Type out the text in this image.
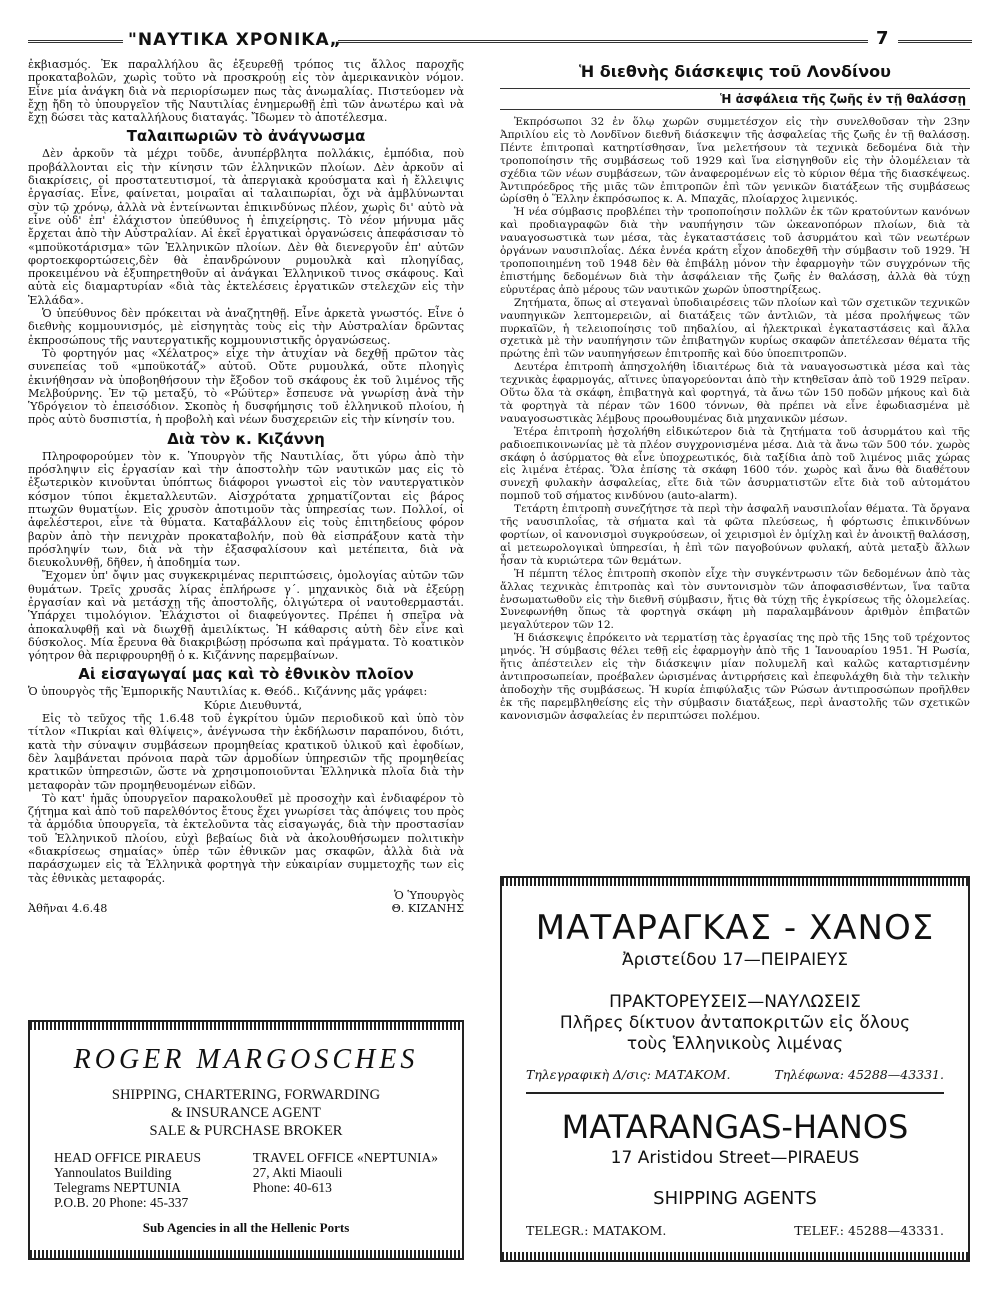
"ΝΑΥΤΙΚΑ ΧΡΟΝΙΚΑ„	7

ἐκβιασμός. Ἐκ παραλλήλου ἃς ἐξευρεθῇ τρόπος τις ἄλλος παροχῆς προκαταβολῶν, χωρὶς τοῦτο νὰ προσκρούῃ εἰς τὸν ἀμερικανικὸν νόμον. Εἶνε μία ἀνάγκη διὰ νὰ περιορίσωμεν πως τὰς ἀνωμαλίας. Πιστεύομεν νὰ ἔχῃ ἤδη τὸ ὑπουργεῖον τῆς Ναυτιλίας ἐνημερωθῇ ἐπὶ τῶν ἀνωτέρω καὶ νὰ ἔχῃ δώσει τὰς καταλλήλους διαταγάς. Ἴδωμεν τὸ ἀποτέλεσμα.

Ταλαιπωριῶν τὸ ἀνάγνωσμα

Δὲν ἀρκοῦν τὰ μέχρι τοῦδε, ἀνυπέρβλητα πολλάκις, ἐμπόδια, ποὺ προβάλλονται εἰς τὴν κίνησιν τῶν ἑλληνικῶν πλοίων. Δὲν ἀρκοῦν αἱ διακρίσεις, οἱ προστατευτισμοί, τὰ ἀπεργιακὰ κρούσματα καὶ ἡ ἔλλειψις ἐργασίας. Εἶνε, φαίνεται, μοιραῖαι αἱ ταλαιπωρίαι, ὄχι νὰ ἀμβλύνωνται σὺν τῷ χρόνῳ, ἀλλὰ νὰ ἐντείνωνται ἐπικινδύνως πλέον, χωρὶς δι' αὐτὸ νὰ εἶνε οὐδ' ἐπ' ἐλάχιστον ὑπεύθυνος ἡ ἐπιχείρησις. Τὸ νέον μήνυμα μᾶς ἔρχεται ἀπὸ τὴν Αὐστραλίαν. Αἱ ἐκεῖ ἐργατικαὶ ὀργανώσεις ἀπεφάσισαν τὸ «μποϋκοτάρισμα» τῶν Ἑλληνικῶν πλοίων. Δὲν θὰ διενεργοῦν ἐπ' αὐτῶν φορτοεκφορτώσεις,δὲν θὰ ἐπανδρώνουν ρυμουλκὰ καὶ πλοηγίδας, προκειμένου νὰ ἐξυπηρετηθοῦν αἱ ἀνάγκαι Ἑλληνικοῦ τινος σκάφους. Καὶ αὐτὰ εἰς διαμαρτυρίαν «διὰ τὰς ἐκτελέσεις ἐργατικῶν στελεχῶν εἰς τὴν Ἑλλάδα».

Ὁ ὑπεύθυνος δὲν πρόκειται νὰ ἀναζητηθῇ. Εἶνε ἀρκετὰ γνωστός. Εἶνε ὁ διεθνὴς κομμουνισμός, μὲ εἰσηγητὰς τοὺς εἰς τὴν Αὐστραλίαν δρῶντας ἐκπροσώπους τῆς ναυτεργατικῆς κομμουνιστικῆς ὀργανώσεως.

Τὸ φορτηγόν μας «Χέλατρος» εἶχε τὴν ἀτυχίαν νὰ δεχθῇ πρῶτον τὰς συνεπείας τοῦ «μποϋκοτάζ» αὐτοῦ. Οὔτε ρυμουλκά, οὔτε πλοηγὶς ἐκινήθησαν νὰ ὑποβοηθήσουν τὴν ἔξοδον τοῦ σκάφους ἐκ τοῦ λιμένος τῆς Μελβούρνης. Ἐν τῷ μεταξύ, τὸ «Ρώϋτερ» ἔσπευσε νὰ γνωρίσῃ ἀνὰ τὴν Ὑδρόγειον τὸ ἐπεισόδιον. Σκοπὸς ἡ δυσφήμησις τοῦ ἑλληνικοῦ πλοίου, ἡ πρὸς αὐτὸ δυσπιστία, ἡ προβολὴ καὶ νέων δυσχερειῶν εἰς τὴν κίνησίν του.

Διὰ τὸν κ. Κιζάννη

Πληροφορούμεν τὸν κ. Ὑπουργὸν τῆς Ναυτιλίας, ὅτι γύρω ἀπὸ τὴν πρόσληψιν εἰς ἐργασίαν καὶ τὴν ἀποστολὴν τῶν ναυτικῶν μας εἰς τὸ ἐξωτερικὸν κινοῦνται ὑπόπτως διάφοροι γνωστοὶ εἰς τὸν ναυτεργατικὸν κόσμον τύποι ἐκμεταλλευτῶν. Αἰσχρότατα χρηματίζονται εἰς βάρος πτωχῶν θυματίων. Εἰς χρυσὸν ἀποτιμοῦν τὰς ὑπηρεσίας των. Πολλοί, οἱ ἀφελέστεροι, εἶνε τὰ θύματα. Καταβάλλουν εἰς τοὺς ἐπιτηδείους φόρον βαρὺν ἀπὸ τὴν πενιχρὰν προκαταβολήν, ποὺ θὰ εἰσπράξουν κατὰ τὴν πρόσληψίν των, διὰ νὰ τὴν ἐξασφαλίσουν καὶ μετέπειτα, διὰ νὰ διευκολυνθῇ, δῆθεν, ἡ ἀποδημία των.

Ἔχομεν ὑπ' ὄψιν μας συγκεκριμένας περιπτώσεις, ὁμολογίας αὐτῶν τῶν θυμάτων. Τρεῖς χρυσᾶς λίρας ἐπλήρωσε γ΄. μηχανικὸς διὰ νὰ ἐξεύρῃ ἐργασίαν καὶ νὰ μετάσχῃ τῆς ἀποστολῆς, ὀλιγώτερα οἱ ναυτοθερμαστάι. Ὑπάρχει τιμολόγιον. Ἐλάχιστοι οἱ διαφεύγοντες. Πρέπει ἡ σπεῖρα νὰ ἀποκαλυφθῇ καὶ νὰ διωχθῇ ἀμειλίκτως. Ἡ κάθαρσις αὐτὴ δὲν εἶνε καὶ δύσκολος. Μία ἔρευνα θὰ διακριβώσῃ πρόσωπα καὶ πράγματα. Τὸ κοατικὸν γόητρον θὰ περιφρουρηθῇ ὁ κ. Κιζάννης παρεμβαίνων.

Αἱ εἰσαγωγαί μας καὶ τὸ ἐθνικὸν πλοῖον

Ὁ ὑπουργὸς τῆς Ἐμπορικῆς Ναυτιλίας κ. Θεόδ.. Κιζάννης μᾶς γράφει:

Κύριε Διευθυντά,

Εἰς τὸ τεῦχος τῆς 1.6.48 τοῦ ἐγκρίτου ὑμῶν περιοδικοῦ καὶ ὑπὸ τὸν τίτλον «Πικρίαι καὶ θλίψεις», ἀνέγνωσα τὴν ἐκδήλωσιν παραπόνου, διότι, κατὰ τὴν σύναψιν συμβάσεων προμηθείας κρατικοῦ ὑλικοῦ καὶ ἐφοδίων, δὲν λαμβάνεται πρόνοια παρὰ τῶν ἁρμοδίων ὑπηρεσιῶν τῆς προμηθείας κρατικῶν ὑπηρεσιῶν, ὥστε νὰ χρησιμοποιοῦνται Ἑλληνικὰ πλοῖα διὰ τὴν μεταφορὰν τῶν προμηθευομένων εἰδῶν.

Τὸ κατ' ἡμᾶς ὑπουργεῖον παρακολουθεῖ μὲ προσοχὴν καὶ ἐνδιαφέρον τὸ ζήτημα καὶ ἀπὸ τοῦ παρελθόντος ἔτους ἔχει γνωρίσει τὰς ἀπόψεις του πρὸς τὰ ἁρμόδια ὑπουργεῖα, τὰ ἐκτελοῦντα τὰς εἰσαγωγάς, διὰ τὴν προστασίαν τοῦ Ἑλληνικοῦ πλοίου, εὐχὶ βεβαίως διὰ νὰ ἀκολουθήσωμεν πολιτικὴν «διακρίσεως σημαίας» ὑπὲρ τῶν ἐθνικῶν μας σκαφῶν, ἀλλὰ διὰ νὰ παράσχωμεν εἰς τὰ Ἑλληνικὰ φορτηγὰ τὴν εὐκαιρίαν συμμετοχῆς των εἰς τὰς ἐθνικὰς μεταφοράς.

Ὁ Ὑπουργὸς
Ἀθῆναι 4.6.48	Θ. ΚΙΖΑΝΗΣ
Ἡ διεθνὴς διάσκεψις τοῦ Λονδίνου
Ἡ ἀσφάλεια τῆς ζωῆς ἐν τῇ θαλάσσῃ

Ἐκπρόσωποι 32 ἐν ὅλῳ χωρῶν συμμετέσχον εἰς τὴν συνελθοῦσαν τὴν 23ην Ἀπριλίου εἰς τὸ Λονδῖνον διεθνῆ διάσκεψιν τῆς ἀσφαλείας τῆς ζωῆς ἐν τῇ θαλάσσῃ. Πέντε ἐπιτροπαὶ κατηρτίσθησαν, ἵνα μελετήσουν τὰ τεχνικὰ δεδομένα διὰ τὴν τροποποίησιν τῆς συμβάσεως τοῦ 1929 καὶ ἵνα εἰσηγηθοῦν εἰς τὴν ὁλομέλειαν τὰ σχέδια τῶν νέων συμβάσεων, τῶν ἀναφερομένων εἰς τὸ κύριον θέμα τῆς διασκέψεως. Ἀντιπρόεδρος τῆς μιᾶς τῶν ἐπιτροπῶν ἐπὶ τῶν γενικῶν διατάξεων τῆς συμβάσεως ὡρίσθη ὁ Ἕλλην ἐκπρόσωπος κ. Α. Μπαχᾶς, πλοίαρχος λιμενικός.

Ἡ νέα σύμβασις προβλέπει τὴν τροποποίησιν πολλῶν ἐκ τῶν κρατούντων κανόνων καὶ προδιαγραφῶν διὰ τὴν ναυπήγησιν τῶν ὠκεανοπόρων πλοίων, διὰ τὰ ναυαγοσωστικὰ των μέσα, τὰς ἐγκαταστάσεις τοῦ ἀσυρμάτου καὶ τῶν νεωτέρων ὀργάνων ναυσιπλοΐας. Δέκα ἐννέα κράτη εἶχον ἀποδεχθῆ τὴν σύμβασιν τοῦ 1929. Ἡ τροποποιημένη τοῦ 1948 δὲν θὰ ἐπιβάλῃ μόνον τὴν ἐφαρμογὴν τῶν συγχρόνων τῆς ἐπιστήμης δεδομένων διὰ τὴν ἀσφάλειαν τῆς ζωῆς ἐν θαλάσσῃ, ἀλλὰ θὰ τύχῃ εὐρυτέρας ἀπὸ μέρους τῶν ναυτικῶν χωρῶν ὑποστηρίξεως.

Ζητήματα, ὅπως αἱ στεγαναὶ ὑποδιαιρέσεις τῶν πλοίων καὶ τῶν σχετικῶν τεχνικῶν ναυπηγικῶν λεπτομερειῶν, αἱ διατάξεις τῶν ἀντλιῶν, τὰ μέσα προλήψεως τῶν πυρκαϊῶν, ἡ τελειοποίησις τοῦ πηδαλίου, αἱ ἠλεκτρικαὶ ἐγκαταστάσεις καὶ ἄλλα σχετικὰ μὲ τὴν ναυπήγησιν τῶν ἐπιβατηγῶν κυρίως σκαφῶν ἀπετέλεσαν θέματα τῆς πρώτης ἐπὶ τῶν ναυπηγήσεων ἐπιτροπῆς καὶ δύο ὑποεπιτροπῶν.

Δευτέρα ἐπιτροπὴ ἀπησχολήθη ἰδιαιτέρως διὰ τὰ ναυαγοσωστικὰ μέσα καὶ τὰς τεχνικὰς ἐφαρμογάς, αἵτινες ὑπαγορεύονται ἀπὸ τὴν κτηθεῖσαν ἀπὸ τοῦ 1929 πεῖραν. Οὕτω ὅλα τὰ σκάφη, ἐπιβατηγὰ καὶ φορτηγά, τὰ ἄνω τῶν 150 ποδῶν μήκους καὶ διὰ τὰ φορτηγὰ τὰ πέραν τῶν 1600 τόννων, θὰ πρέπει νὰ εἶνε ἐφωδιασμένα μὲ ναυαγοσωστικὰς λέμβους προωθουμένας διὰ μηχανικῶν μέσων.

Ἑτέρα ἐπιτροπὴ ἠσχολήθη εἰδικώτερον διὰ τὰ ζητήματα τοῦ ἀσυρμάτου καὶ τῆς ραδιοεπικοινωνίας μὲ τὰ πλέον συγχρονισμένα μέσα. Διὰ τὰ ἄνω τῶν 500 τόν. χωρὸς σκάφη ὁ ἀσύρματος θὰ εἶνε ὑποχρεωτικός, διὰ ταξίδια ἀπὸ τοῦ λιμένος μιᾶς χώρας εἰς λιμένα ἑτέρας. Ὅλα ἐπίσης τὰ σκάφη 1600 τόν. χωρὸς καὶ ἄνω θὰ διαθέτουν συνεχῆ φυλακὴν ἀσφαλείας, εἴτε διὰ τῶν ἀσυρματιστῶν εἴτε διὰ τοῦ αὐτομάτου πομποῦ τοῦ σήματος κινδύνου (auto-alarm).

Τετάρτη ἐπιτροπὴ συνεζήτησε τὰ περὶ τὴν ἀσφαλῆ ναυσιπλοΐαν θέματα. Τὰ ὄργανα τῆς ναυσιπλοΐας, τὰ σήματα καὶ τὰ φῶτα πλεύσεως, ἡ φόρτωσις ἐπικινδύνων φορτίων, οἱ κανονισμοὶ συγκρούσεων, οἱ χειρισμοὶ ἐν ὁμίχλῃ καὶ ἐν ἀνοικτῇ θαλάσσῃ, αἱ μετεωρολογικαὶ ὑπηρεσίαι, ἡ ἐπὶ τῶν παγοβούνων φυλακή, αὐτὰ μεταξὺ ἄλλων ἦσαν τὰ κυριώτερα τῶν θεμάτων.

Ἡ πέμπτη τέλος ἐπιτροπὴ σκοπὸν εἶχε τὴν συγκέντρωσιν τῶν δεδομένων ἀπὸ τὰς ἄλλας τεχνικὰς ἐπιτροπὰς καὶ τὸν συντονισμὸν τῶν ἀποφασισθέντων, ἵνα ταῦτα ἐνσωματωθοῦν εἰς τὴν διεθνῆ σύμβασιν, ἥτις θὰ τύχῃ τῆς ἐγκρίσεως τῆς ὁλομελείας. Συνεφωνήθη ὅπως τὰ φορτηγὰ σκάφη μὴ παραλαμβάνουν ἀριθμὸν ἐπιβατῶν μεγαλύτερον τῶν 12.

Ἡ διάσκεψις ἐπρόκειτο νὰ τερματίσῃ τὰς ἐργασίας της πρὸ τῆς 15ης τοῦ τρέχοντος μηνός. Ἡ σύμβασις θέλει τεθῇ εἰς ἐφαρμογὴν ἀπὸ τῆς 1 Ἰανουαρίου 1951. Ἡ Ρωσία, ἥτις ἀπέστειλεν εἰς τὴν διάσκεψιν μίαν πολυμελῆ καὶ καλῶς καταρτισμένην ἀντιπροσωπείαν, προέβαλεν ὡρισμένας ἀντιρρήσεις καὶ ἐπεφυλάχθη διὰ τὴν τελικὴν ἀποδοχὴν τῆς συμβάσεως. Ἡ κυρία ἐπιφύλαξις τῶν Ρώσων ἀντιπροσώπων προῆλθεν ἐκ τῆς παρεμβληθείσης εἰς τὴν σύμβασιν διατάξεως, περὶ ἀναστολῆς τῶν σχετικῶν κανονισμῶν ἀσφαλείας ἐν περιπτώσει πολέμου.

ROGER MARGOSCHES
SHIPPING, CHARTERING, FORWARDING
& INSURANCE AGENT
SALE & PURCHASE BROKER
HEAD OFFICE PIRAEUS
Yannoulatos Building
Telegrams NEPTUNIA
P.O.B. 20 Phone: 45-337
TRAVEL OFFICE «NEPTUNIA»
27, Akti Miaouli
Phone: 40-613
Sub Agencies in all the Hellenic Ports
ΜΑΤΑΡΑΓΚΑΣ - ΧΑΝΟΣ
Ἀριστείδου 17—ΠΕΙΡΑΙΕΥΣ
ΠΡΑΚΤΟΡΕΥΣΕΙΣ—ΝΑΥΛΩΣΕΙΣ
Πλῆρες δίκτυον ἀνταποκριτῶν εἰς ὅλους
τοὺς Ἑλληνικοὺς λιμένας
Τηλεγραφικὴ Δ/σις: ΜΑΤΑΚΟΜ.	Τηλέφωνα: 45288—43331.
MATARANGAS-HANOS
17 Aristidou Street—PIRAEUS
SHIPPING AGENTS
TELEGR.: MATAKOM.	TELEF.: 45288—43331.
